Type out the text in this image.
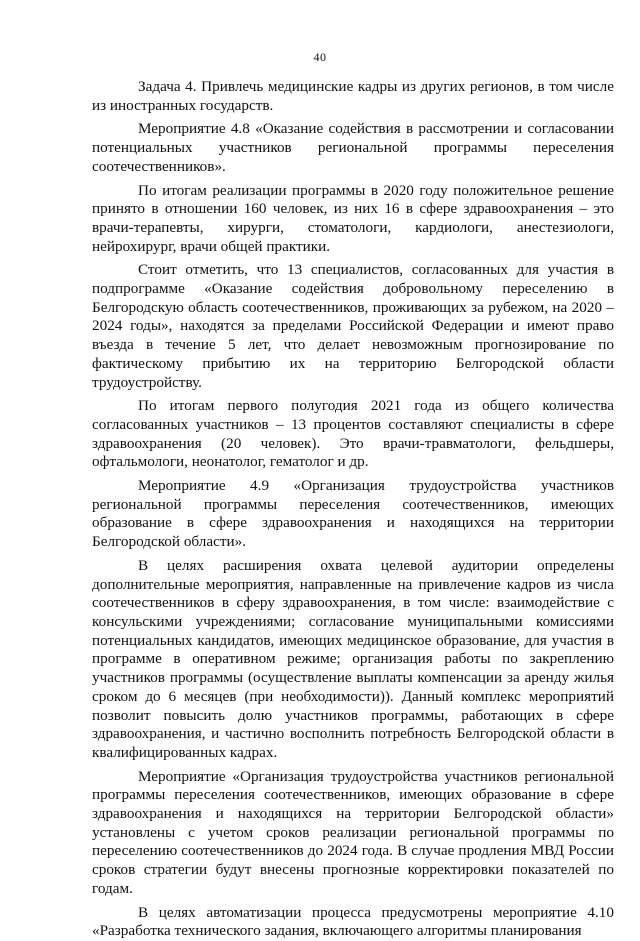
40

Задача 4. Привлечь медицинские кадры из других регионов, в том числе из иностранных государств.

Мероприятие 4.8 «Оказание содействия в рассмотрении и согласовании потенциальных участников региональной программы переселения соотечественников».

По итогам реализации программы в 2020 году положительное решение принято в отношении 160 человек, из них 16 в сфере здравоохранения – это врачи-терапевты, хирурги, стоматологи, кардиологи, анестезиологи, нейрохирург, врачи общей практики.

Стоит отметить, что 13 специалистов, согласованных для участия в подпрограмме «Оказание содействия добровольному переселению в Белгородскую область соотечественников, проживающих за рубежом, на 2020 – 2024 годы», находятся за пределами Российской Федерации и имеют право въезда в течение 5 лет, что делает невозможным прогнозирование по фактическому прибытию их на территорию Белгородской области трудоустройству.

По итогам первого полугодия 2021 года из общего количества согласованных участников – 13 процентов составляют специалисты в сфере здравоохранения (20 человек). Это врачи-травматологи, фельдшеры, офтальмологи, неонатолог, гематолог и др.

Мероприятие 4.9 «Организация трудоустройства участников региональной программы переселения соотечественников, имеющих образование в сфере здравоохранения и находящихся на территории Белгородской области».

В целях расширения охвата целевой аудитории определены дополнительные мероприятия, направленные на привлечение кадров из числа соотечественников в сферу здравоохранения, в том числе: взаимодействие с консульскими учреждениями; согласование муниципальными комиссиями потенциальных кандидатов, имеющих медицинское образование, для участия в программе в оперативном режиме; организация работы по закреплению участников программы (осуществление выплаты компенсации за аренду жилья сроком до 6 месяцев (при необходимости)). Данный комплекс мероприятий позволит повысить долю участников программы, работающих в сфере здравоохранения, и частично восполнить потребность Белгородской области в квалифицированных кадрах.

Мероприятие «Организация трудоустройства участников региональной программы переселения соотечественников, имеющих образование в сфере здравоохранения и находящихся на территории Белгородской области» установлены с учетом сроков реализации региональной программы по переселению соотечественников до 2024 года. В случае продления МВД России сроков стратегии будут внесены прогнозные корректировки показателей по годам.

В целях автоматизации процесса предусмотрены мероприятие 4.10 «Разработка технического задания, включающего алгоритмы планирования
